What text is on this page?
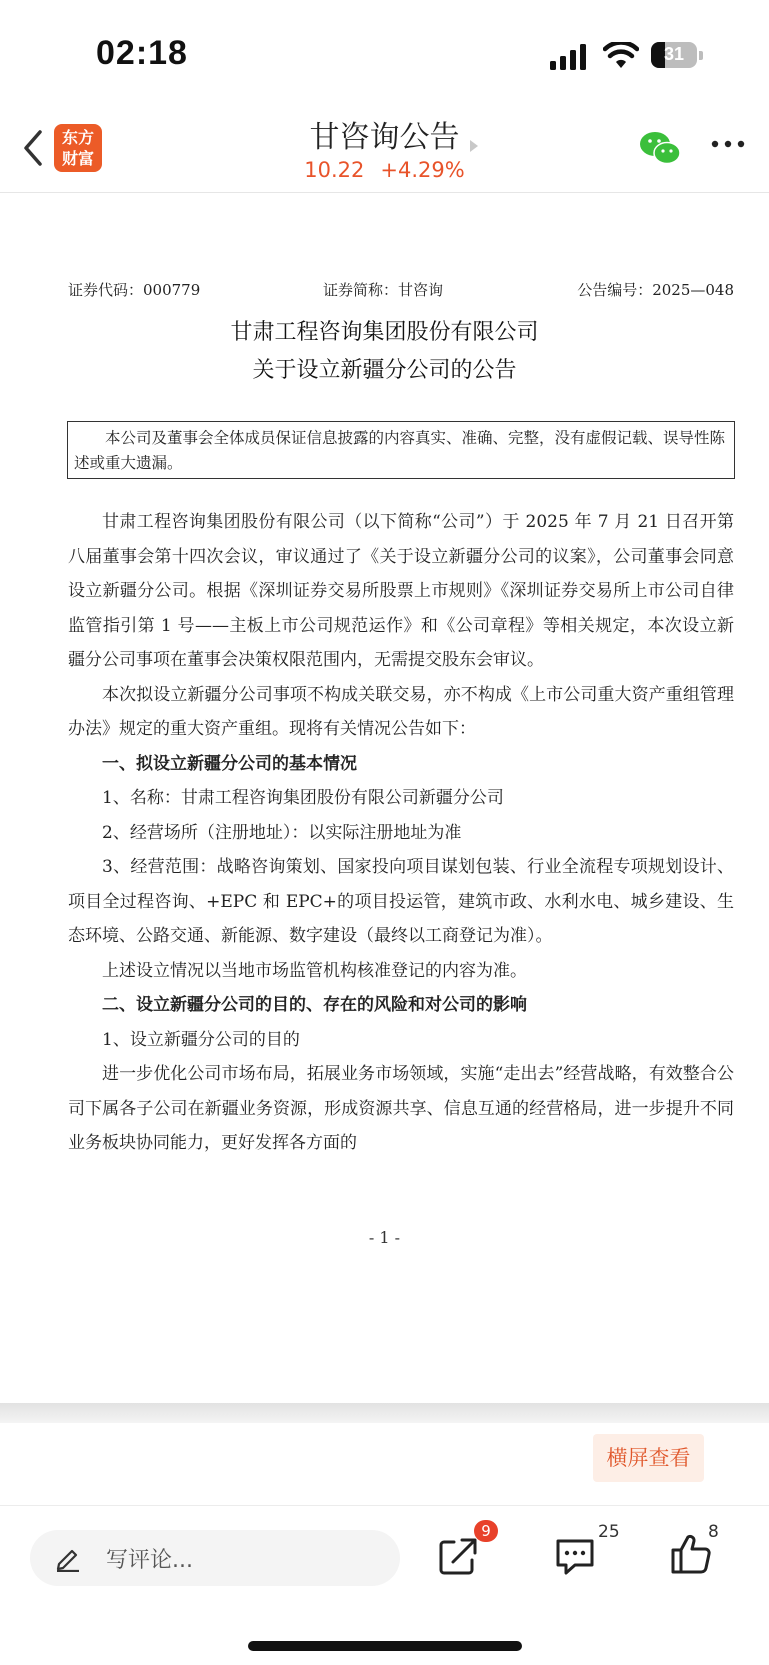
02:18	31
东方
财富
甘咨询公告
10.22 +4.29%
证券代码：000779	证券简称：甘咨询	公告编号：2025—048
甘肃工程咨询集团股份有限公司
关于设立新疆分公司的公告
本公司及董事会全体成员保证信息披露的内容真实、准确、完整，没有虚假记载、误导性陈述或重大遗漏。

甘肃工程咨询集团股份有限公司（以下简称“公司”）于 2025 年 7 月 21 日召开第八届董事会第十四次会议，审议通过了《关于设立新疆分公司的议案》，公司董事会同意设立新疆分公司。根据《深圳证券交易所股票上市规则》《深圳证券交易所上市公司自律监管指引第 1 号——主板上市公司规范运作》和《公司章程》等相关规定，本次设立新疆分公司事项在董事会决策权限范围内，无需提交股东会审议。

本次拟设立新疆分公司事项不构成关联交易，亦不构成《上市公司重大资产重组管理办法》规定的重大资产重组。现将有关情况公告如下：

一、拟设立新疆分公司的基本情况

1、名称：甘肃工程咨询集团股份有限公司新疆分公司

2、经营场所（注册地址）：以实际注册地址为准

3、经营范围：战略咨询策划、国家投向项目谋划包装、行业全流程专项规划设计、项目全过程咨询、+EPC 和 EPC+的项目投运管，建筑市政、水利水电、城乡建设、生态环境、公路交通、新能源、数字建设（最终以工商登记为准）。

上述设立情况以当地市场监管机构核准登记的内容为准。

二、设立新疆分公司的目的、存在的风险和对公司的影响

1、设立新疆分公司的目的

进一步优化公司市场布局，拓展业务市场领域，实施“走出去”经营战略，有效整合公司下属各子公司在新疆业务资源，形成资源共享、信息互通的经营格局，进一步提升不同业务板块协同能力，更好发挥各方面的

- 1 -
横屏查看
写评论...
9	25	8
